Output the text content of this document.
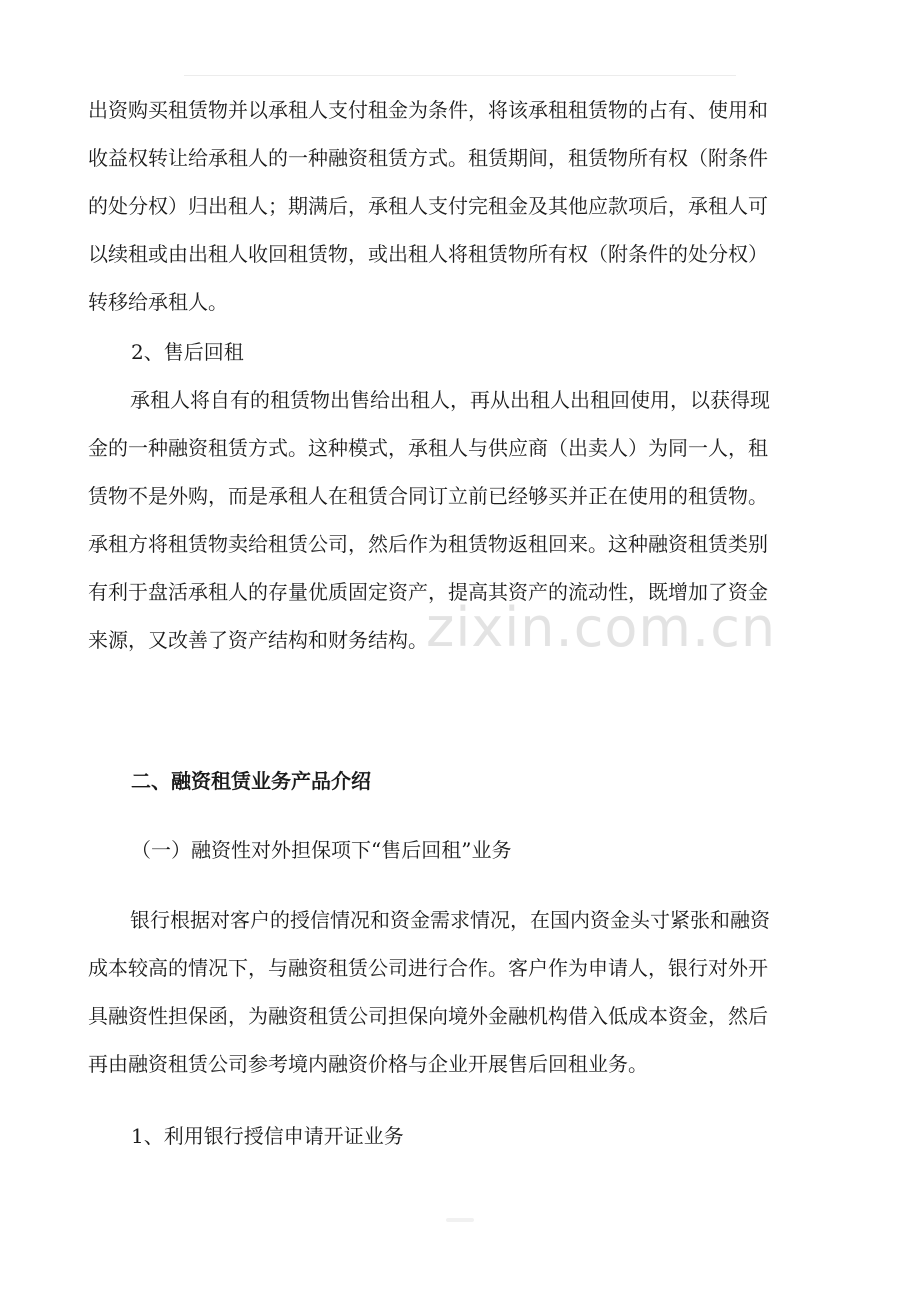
zixin.com.cn
出资购买租赁物并以承租人支付租金为条件，将该承租租赁物的占有、使用和
收益权转让给承租人的一种融资租赁方式。租赁期间，租赁物所有权（附条件
的处分权）归出租人；期满后，承租人支付完租金及其他应款项后，承租人可
以续租或由出租人收回租赁物，或出租人将租赁物所有权（附条件的处分权）
转移给承租人。

2、售后回租

承租人将自有的租赁物出售给出租人，再从出租人出租回使用，以获得现
金的一种融资租赁方式。这种模式，承租人与供应商（出卖人）为同一人，租
赁物不是外购，而是承租人在租赁合同订立前已经够买并正在使用的租赁物。
承租方将租赁物卖给租赁公司，然后作为租赁物返租回来。这种融资租赁类别
有利于盘活承租人的存量优质固定资产，提高其资产的流动性，既增加了资金
来源，又改善了资产结构和财务结构。
二、融资租赁业务产品介绍

（一）融资性对外担保项下“售后回租”业务

银行根据对客户的授信情况和资金需求情况，在国内资金头寸紧张和融资
成本较高的情况下，与融资租赁公司进行合作。客户作为申请人，银行对外开
具融资性担保函，为融资租赁公司担保向境外金融机构借入低成本资金，然后
再由融资租赁公司参考境内融资价格与企业开展售后回租业务。

1、利用银行授信申请开证业务
